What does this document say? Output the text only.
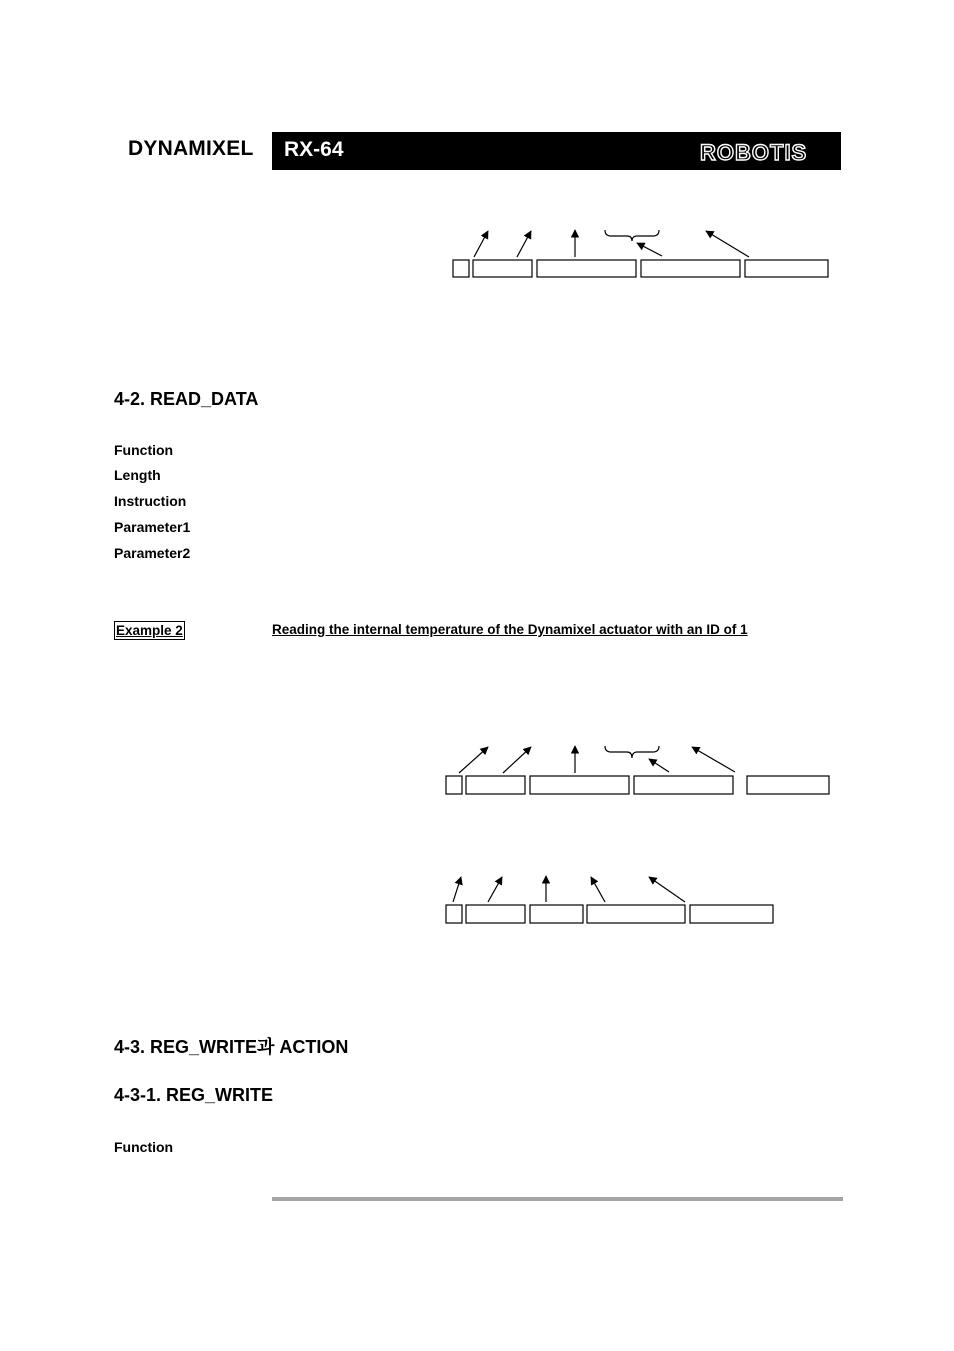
DYNAMIXEL RX-64	ROBOTIS
4-2. READ_DATA
Function
Length
Instruction
Parameter1
Parameter2
Example 2	Reading the internal temperature of the Dynamixel actuator with an ID of 1
4-3. REG_WRITE과 ACTION
4-3-1. REG_WRITE
Function
